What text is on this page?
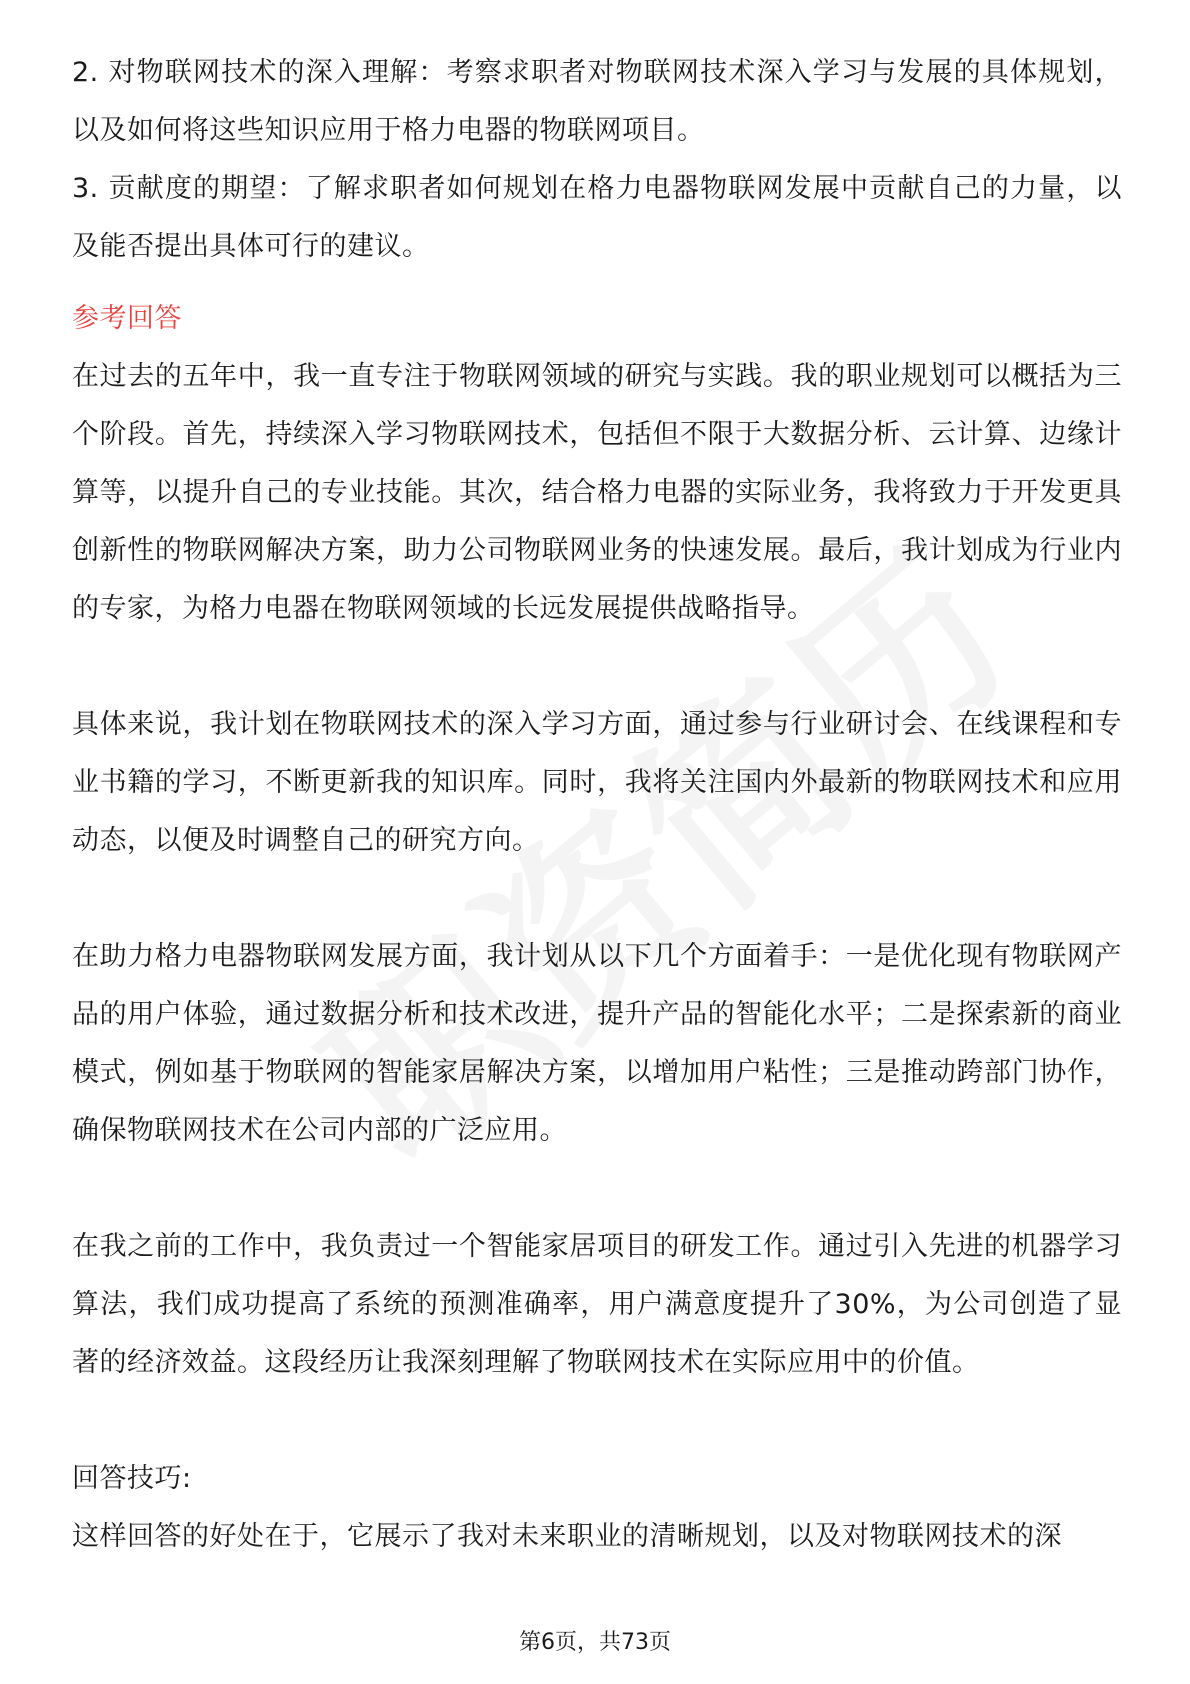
2. 对物联网技术的深入理解：考察求职者对物联网技术深入学习与发展的具体规划，以及如何将这些知识应用于格力电器的物联网项目。

3. 贡献度的期望：了解求职者如何规划在格力电器物联网发展中贡献自己的力量，以及能否提出具体可行的建议。

参考回答

在过去的五年中，我一直专注于物联网领域的研究与实践。我的职业规划可以概括为三个阶段。首先，持续深入学习物联网技术，包括但不限于大数据分析、云计算、边缘计算等，以提升自己的专业技能。其次，结合格力电器的实际业务，我将致力于开发更具创新性的物联网解决方案，助力公司物联网业务的快速发展。最后，我计划成为行业内的专家，为格力电器在物联网领域的长远发展提供战略指导。

具体来说，我计划在物联网技术的深入学习方面，通过参与行业研讨会、在线课程和专业书籍的学习，不断更新我的知识库。同时，我将关注国内外最新的物联网技术和应用动态，以便及时调整自己的研究方向。

在助力格力电器物联网发展方面，我计划从以下几个方面着手：一是优化现有物联网产品的用户体验，通过数据分析和技术改进，提升产品的智能化水平；二是探索新的商业模式，例如基于物联网的智能家居解决方案，以增加用户粘性；三是推动跨部门协作，确保物联网技术在公司内部的广泛应用。

在我之前的工作中，我负责过一个智能家居项目的研发工作。通过引入先进的机器学习算法，我们成功提高了系统的预测准确率，用户满意度提升了30%，为公司创造了显著的经济效益。这段经历让我深刻理解了物联网技术在实际应用中的价值。

回答技巧:

这样回答的好处在于，它展示了我对未来职业的清晰规划，以及对物联网技术的深

第6页，共73页
